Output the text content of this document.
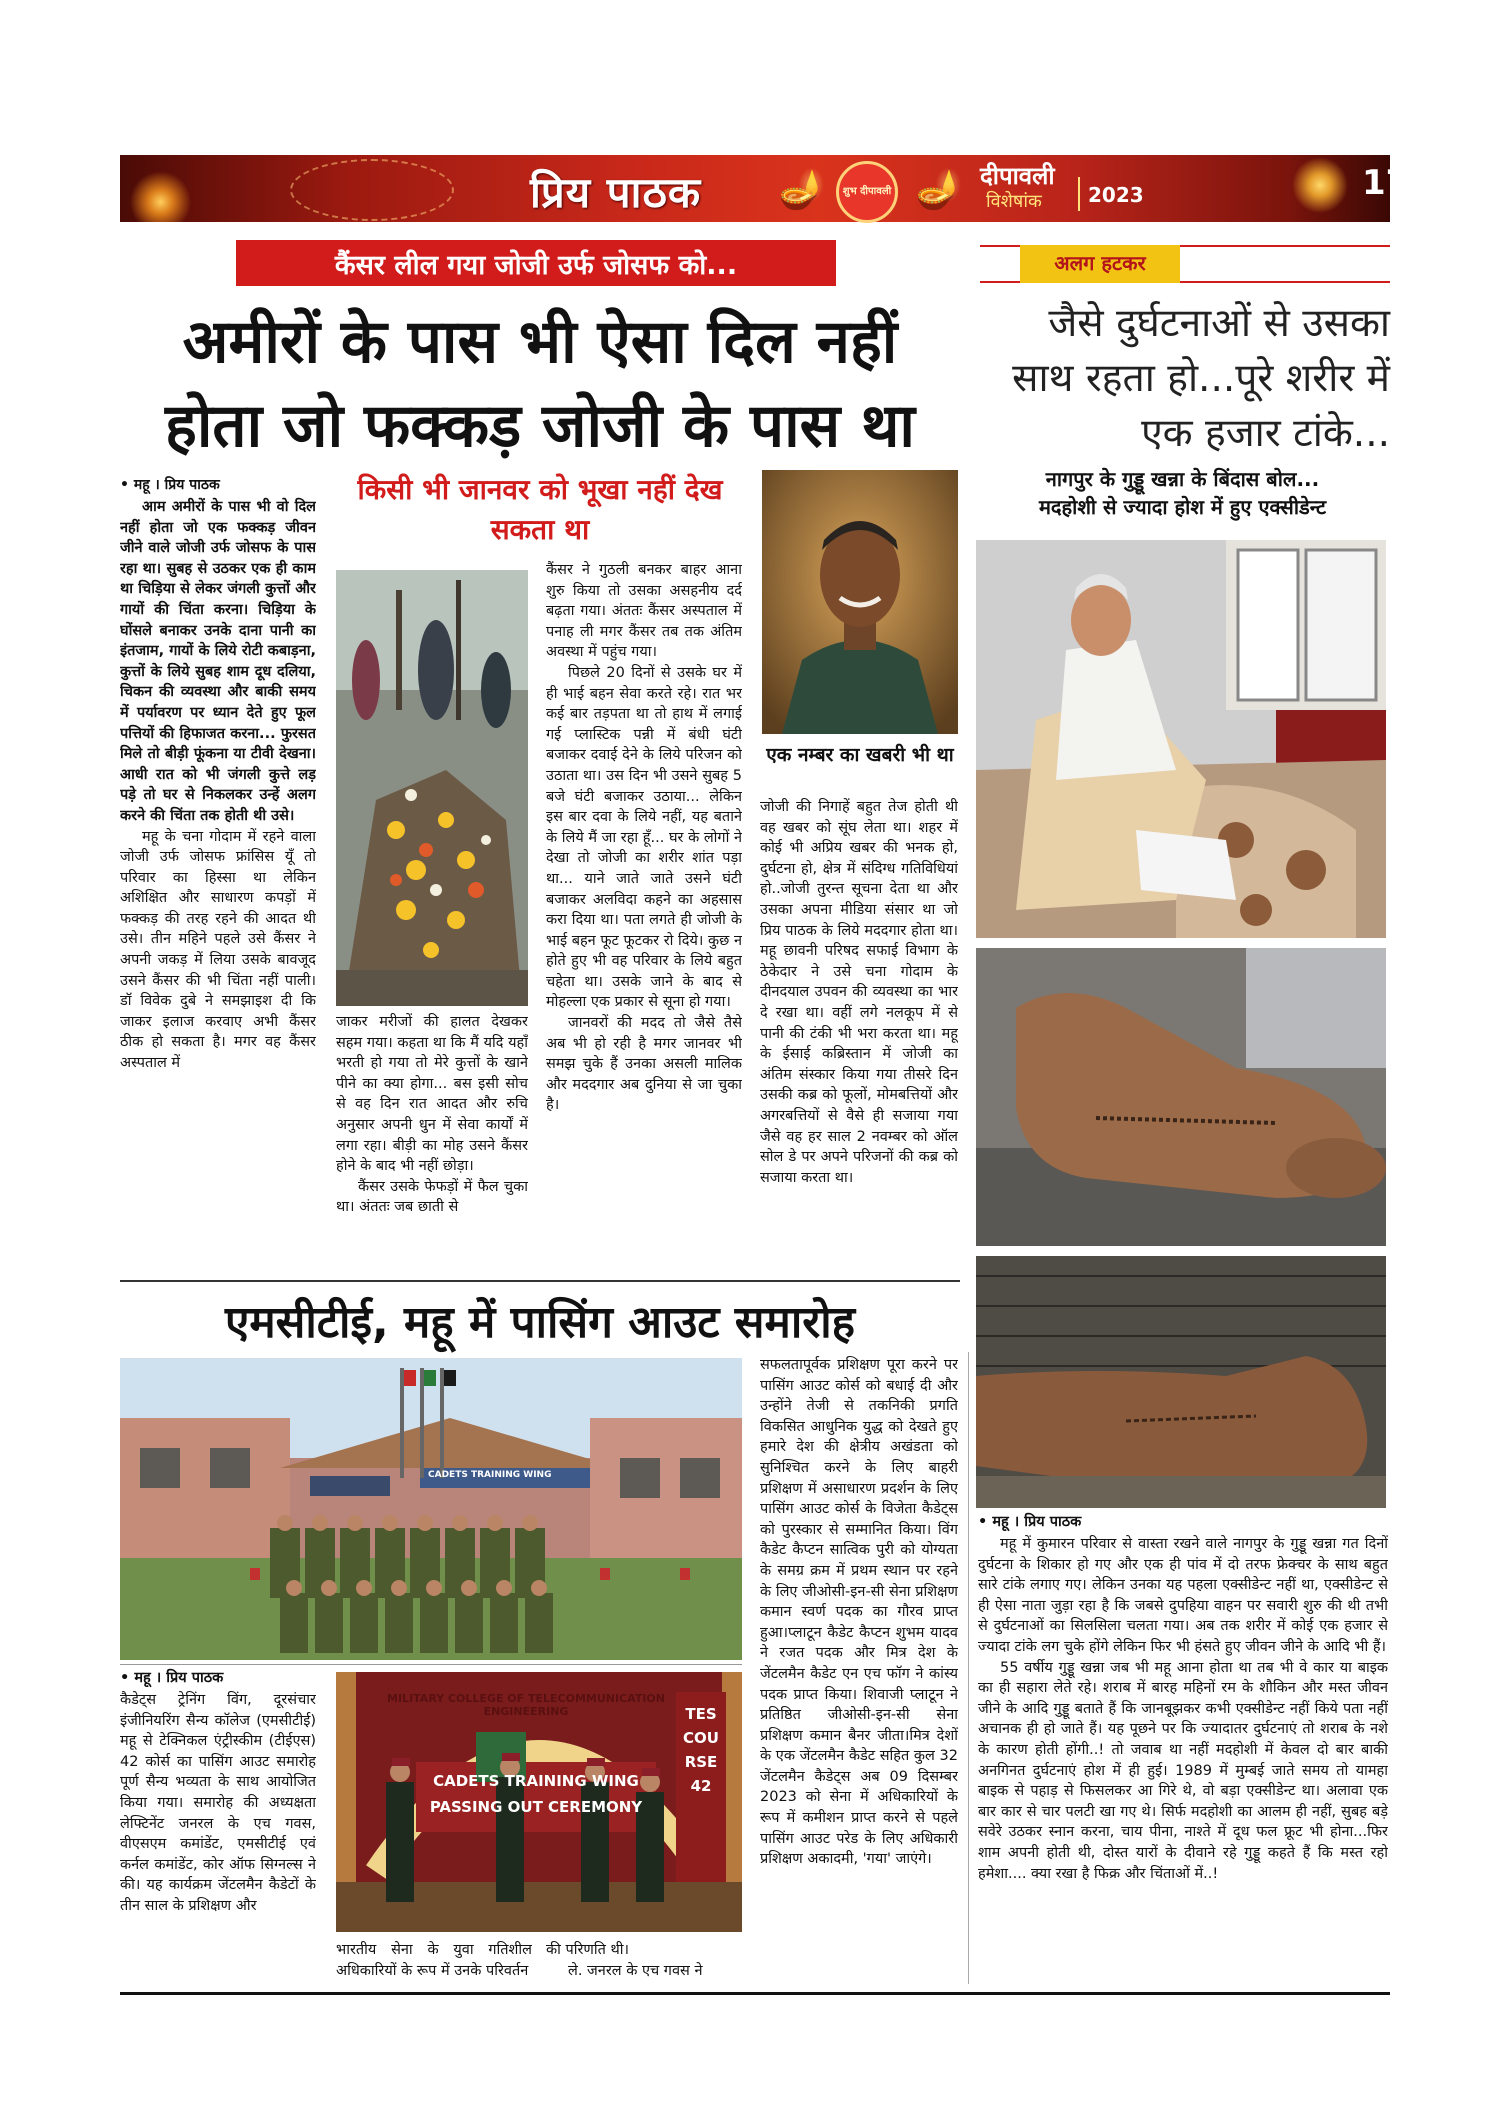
प्रिय पाठक 🪔 शुभ दीपावली 🪔 दीपावली
विशेषांक 2023	17
कैंसर लील गया जोजी उर्फ जोसफ को...
अमीरों के पास भी ऐसा दिल नहीं
होता जो फक्कड़ जोजी के पास था
• महू । प्रिय पाठक

आम अमीरों के पास भी वो दिल नहीं होता जो एक फक्कड़ जीवन जीने वाले जोजी उर्फ जोसफ के पास रहा था। सुबह से उठकर एक ही काम था चिड़िया से लेकर जंगली कुत्तों और गायों की चिंता करना। चिड़िया के घोंसले बनाकर उनके दाना पानी का इंतजाम, गायों के लिये रोटी कबाड़ना, कुत्तों के लिये सुबह शाम दूध दलिया, चिकन की व्यवस्था और बाकी समय में पर्यावरण पर ध्यान देते हुए फूल पत्तियों की हिफाजत करना... फुरसत मिले तो बीड़ी फूंकना या टीवी देखना। आधी रात को भी जंगली कुत्ते लड़ पड़े तो घर से निकलकर उन्हें अलग करने की चिंता तक होती थी उसे।

महू के चना गोदाम में रहने वाला जोजी उर्फ जोसफ फ्रांसिस यूँ तो परिवार का हिस्सा था लेकिन अशिक्षित और साधारण कपड़ों में फक्कड़ की तरह रहने की आदत थी उसे। तीन महिने पहले उसे कैंसर ने अपनी जकड़ में लिया उसके बावजूद उसने कैंसर की भी चिंता नहीं पाली। डॉ विवेक दुबे ने समझाइश दी कि जाकर इलाज करवाए अभी कैंसर ठीक हो सकता है। मगर वह कैंसर अस्पताल में

किसी भी जानवर को भूखा नहीं देख सकता था

जाकर मरीजों की हालत देखकर सहम गया। कहता था कि मैं यदि यहाँ भरती हो गया तो मेरे कुत्तों के खाने पीने का क्या होगा... बस इसी सोच से वह दिन रात आदत और रुचि अनुसार अपनी धुन में सेवा कार्यों में लगा रहा। बीड़ी का मोह उसने कैंसर होने के बाद भी नहीं छोड़ा।

कैंसर उसके फेफड़ों में फैल चुका था। अंततः जब छाती से

कैंसर ने गुठली बनकर बाहर आना शुरु किया तो उसका असहनीय दर्द बढ़ता गया। अंततः कैंसर अस्पताल में पनाह ली मगर कैंसर तब तक अंतिम अवस्था में पहुंच गया।

पिछले 20 दिनों से उसके घर में ही भाई बहन सेवा करते रहे। रात भर कई बार तड़पता था तो हाथ में लगाई गई प्लास्टिक पन्नी में बंधी घंटी बजाकर दवाई देने के लिये परिजन को उठाता था। उस दिन भी उसने सुबह 5 बजे घंटी बजाकर उठाया... लेकिन इस बार दवा के लिये नहीं, यह बताने के लिये मैं जा रहा हूँ... घर के लोगों ने देखा तो जोजी का शरीर शांत पड़ा था... याने जाते जाते उसने घंटी बजाकर अलविदा कहने का अहसास करा दिया था। पता लगते ही जोजी के भाई बहन फूट फूटकर रो दिये। कुछ न होते हुए भी वह परिवार के लिये बहुत चहेता था। उसके जाने के बाद से मोहल्ला एक प्रकार से सूना हो गया।

जानवरों की मदद तो जैसे तैसे अब भी हो रही है मगर जानवर भी समझ चुके हैं उनका असली मालिक और मददगार अब दुनिया से जा चुका है।

एक नम्बर का खबरी भी था
जोजी की निगाहें बहुत तेज होती थी वह खबर को सूंघ लेता था। शहर में कोई भी अप्रिय खबर की भनक हो, दुर्घटना हो, क्षेत्र में संदिग्ध गतिविधियां हो..जोजी तुरन्त सूचना देता था और उसका अपना मीडिया संसार था जो प्रिय पाठक के लिये मददगार होता था। महू छावनी परिषद सफाई विभाग के ठेकेदार ने उसे चना गोदाम के दीनदयाल उपवन की व्यवस्था का भार दे रखा था। वहीं लगे नलकूप में से पानी की टंकी भी भरा करता था। महू के ईसाई कब्रिस्तान में जोजी का अंतिम संस्कार किया गया तीसरे दिन उसकी कब्र को फूलों, मोमबत्तियों और अगरबत्तियों से वैसे ही सजाया गया जैसे वह हर साल 2 नवम्बर को ऑल सोल डे पर अपने परिजनों की कब्र को सजाया करता था।
अलग हटकर
जैसे दुर्घटनाओं से उसका साथ रहता हो...पूरे शरीर में एक हजार टांके...
नागपुर के गुड्डू खन्ना के बिंदास बोल...
मदहोशी से ज्यादा होश में हुए एक्सीडेन्ट
• महू । प्रिय पाठक

महू में कुमारन परिवार से वास्ता रखने वाले नागपुर के गुड्डू खन्ना गत दिनों दुर्घटना के शिकार हो गए और एक ही पांव में दो तरफ फ्रेक्चर के साथ बहुत सारे टांके लगाए गए। लेकिन उनका यह पहला एक्सीडेन्ट नहीं था, एक्सीडेन्ट से ही ऐसा नाता जुड़ा रहा है कि जबसे दुपहिया वाहन पर सवारी शुरु की थी तभी से दुर्घटनाओं का सिलसिला चलता गया। अब तक शरीर में कोई एक हजार से ज्यादा टांके लग चुके होंगे लेकिन फिर भी हंसते हुए जीवन जीने के आदि भी हैं।

55 वर्षीय गुड्डू खन्ना जब भी महू आना होता था तब भी वे कार या बाइक का ही सहारा लेते रहे। शराब में बारह महिनों रम के शौकिन और मस्त जीवन जीने के आदि गुड्डू बताते हैं कि जानबूझकर कभी एक्सीडेन्ट नहीं किये पता नहीं अचानक ही हो जाते हैं। यह पूछने पर कि ज्यादातर दुर्घटनाएं तो शराब के नशे के कारण होती होंगी..! तो जवाब था नहीं मदहोशी में केवल दो बार बाकी अनगिनत दुर्घटनाएं होश में ही हुई। 1989 में मुम्बई जाते समय तो यामहा बाइक से पहाड़ से फिसलकर आ गिरे थे, वो बड़ा एक्सीडेन्ट था। अलावा एक बार कार से चार पलटी खा गए थे। सिर्फ मदहोशी का आलम ही नहीं, सुबह बड़े सवेरे उठकर स्नान करना, चाय पीना, नाश्ते में दूध फल फ्रूट भी होना...फिर शाम अपनी होती थी, दोस्त यारों के दीवाने रहे गुड्डू कहते हैं कि मस्त रहो हमेशा.... क्या रखा है फिक्र और चिंताओं में..!

एमसीटीई, महू में पासिंग आउट समारोह
CADETS TRAINING WING
• महू । प्रिय पाठक
कैडेट्स ट्रेनिंग विंग, दूरसंचार इंजीनियरिंग सैन्य कॉलेज (एमसीटीई) महू से टेक्निकल एंट्रीस्कीम (टीईएस) 42 कोर्स का पासिंग आउट समारोह पूर्ण सैन्य भव्यता के साथ आयोजित किया गया। समारोह की अध्यक्षता लेफ्टिनेंट जनरल के एच गवस, वीएसएम कमांडेंट, एमसीटीई एवं कर्नल कमांडेंट, कोर ऑफ सिग्नल्स ने की। यह कार्यक्रम जेंटलमैन कैडेटों के तीन साल के प्रशिक्षण और
MILITARY COLLEGE OF TELECOMMUNICATION ENGINEERING
CADETS TRAINING WING PASSING OUT CEREMONY
TES COURSE 42
भारतीय सेना के युवा गतिशील अधिकारियों के रूप में उनके परिवर्तन

की परिणति थी।

ले. जनरल के एच गवस ने

सफलतापूर्वक प्रशिक्षण पूरा करने पर पासिंग आउट कोर्स को बधाई दी और उन्होंने तेजी से तकनिकी प्रगति विकसित आधुनिक युद्ध को देखते हुए हमारे देश की क्षेत्रीय अखंडता को सुनिश्चित करने के लिए बाहरी प्रशिक्षण में असाधारण प्रदर्शन के लिए पासिंग आउट कोर्स के विजेता कैडेट्स को पुरस्कार से सम्मानित किया। विंग कैडेट कैप्टन सात्विक पुरी को योग्यता के समग्र क्रम में प्रथम स्थान पर रहने के लिए जीओसी-इन-सी सेना प्रशिक्षण कमान स्वर्ण पदक का गौरव प्राप्त हुआ।प्लाटून कैडेट कैप्टन शुभम यादव ने रजत पदक और मित्र देश के जेंटलमैन कैडेट एन एच फॉग ने कांस्य पदक प्राप्त किया। शिवाजी प्लाटून ने प्रतिष्ठित जीओसी-इन-सी सेना प्रशिक्षण कमान बैनर जीता।मित्र देशों के एक जेंटलमैन कैडेट सहित कुल 32 जेंटलमैन कैडेट्स अब 09 दिसम्बर 2023 को सेना में अधिकारियों के रूप में कमीशन प्राप्त करने से पहले पासिंग आउट परेड के लिए अधिकारी प्रशिक्षण अकादमी, 'गया' जाएंगे।
